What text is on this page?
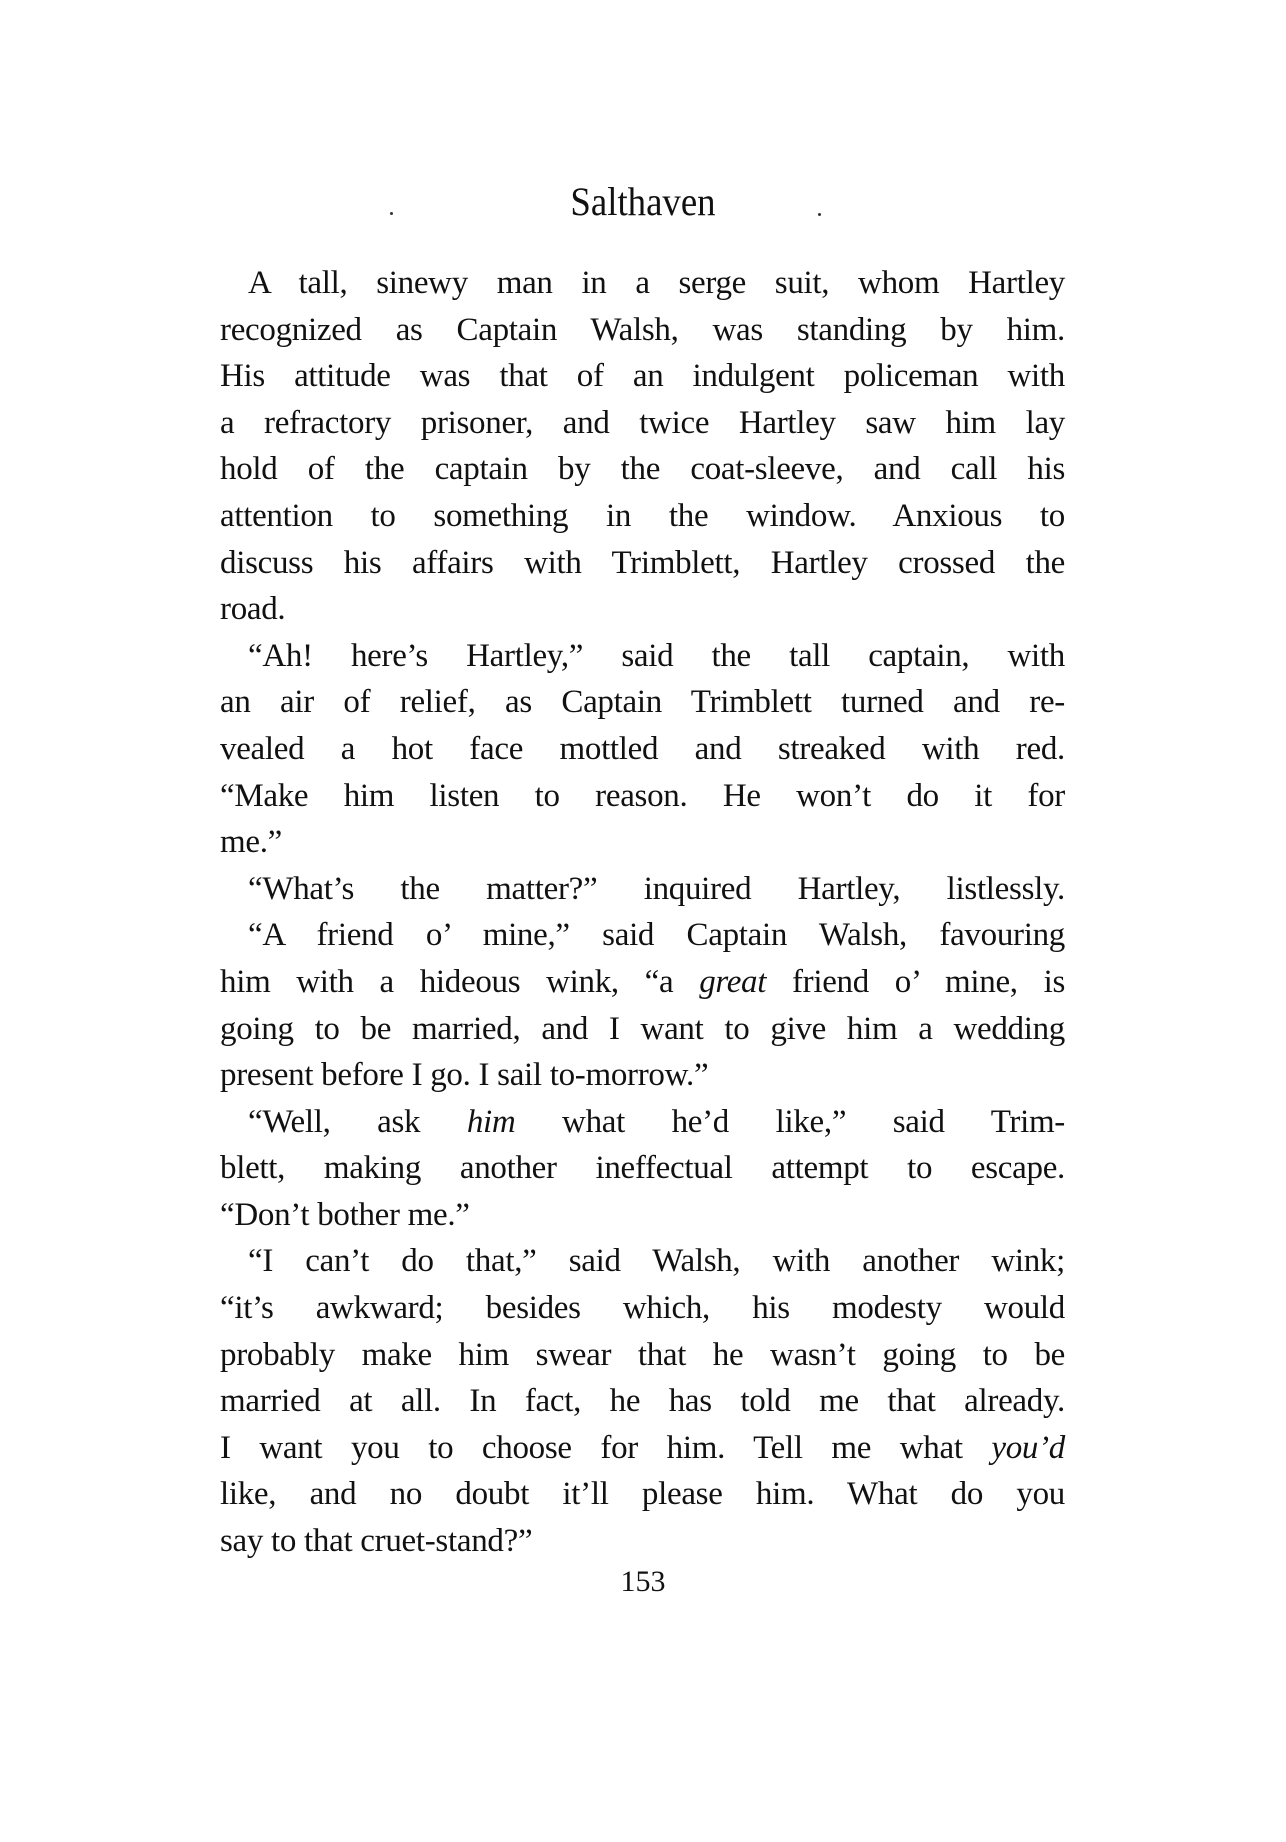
Salthaven
A tall, sinewy man in a serge suit, whom Hartley
recognized as Captain Walsh, was standing by him.
His attitude was that of an indulgent policeman with
a refractory prisoner, and twice Hartley saw him lay
hold of the captain by the coat-sleeve, and call his
attention to something in the window. Anxious to
discuss his affairs with Trimblett, Hartley crossed the
road.
“Ah! here’s Hartley,” said the tall captain, with
an air of relief, as Captain Trimblett turned and re-
vealed a hot face mottled and streaked with red.
“Make him listen to reason. He won’t do it for
me.”
“What’s the matter?” inquired Hartley, listlessly.
“A friend o’ mine,” said Captain Walsh, favouring
him with a hideous wink, “a great friend o’ mine, is
going to be married, and I want to give him a wedding
present before I go. I sail to-morrow.”
“Well, ask him what he’d like,” said Trim-
blett, making another ineffectual attempt to escape.
“Don’t bother me.”
“I can’t do that,” said Walsh, with another wink;
“it’s awkward; besides which, his modesty would
probably make him swear that he wasn’t going to be
married at all. In fact, he has told me that already.
I want you to choose for him. Tell me what you’d
like, and no doubt it’ll please him. What do you
say to that cruet-stand?”
153
